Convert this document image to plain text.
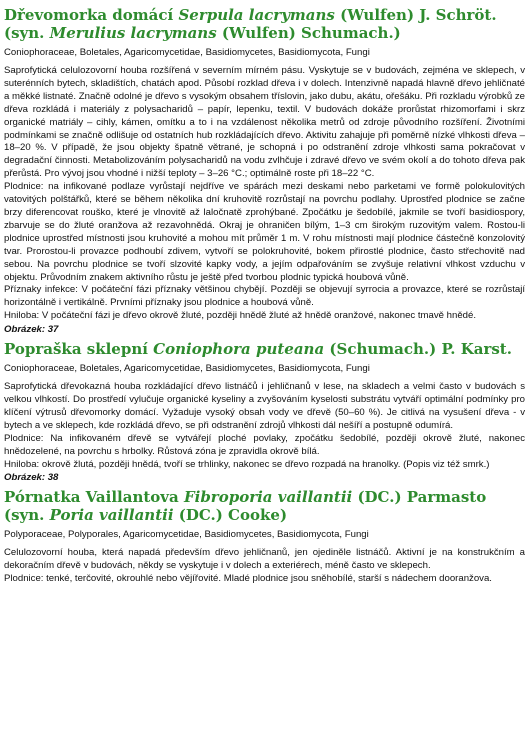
Dřevomorka domácí Serpula lacrymans (Wulfen) J. Schröt. (syn. Merulius lacrymans (Wulfen) Schumach.)

Coniophoraceae, Boletales, Agaricomycetidae, Basidiomycetes, Basidiomycota, Fungi

Saprofytická celulozovorní houba rozšířená v severním mírném pásu. Vyskytuje se v budovách, zejména ve sklepech, v suterénních bytech, skladištích, chatách apod. Působí rozklad dřeva i v dolech. Intenzivně napadá hlavně dřevo jehličnaté a měkké listnaté. Značně odolné je dřevo s vysokým obsahem tříslovin, jako dubu, akátu, ořešáku. Při rozkladu výrobků ze dřeva rozkládá i materiály z polysacharidů – papír, lepenku, textil. V budovách dokáže prorůstat rhizomorfami i skrz organické matriály – cihly, kámen, omítku a to i na vzdálenost několika metrů od zdroje původního rozšíření. Životními podmínkami se značně odlišuje od ostatních hub rozkládajících dřevo. Aktivitu zahajuje při poměrně nízké vlhkosti dřeva – 18–20 %. V případě, že jsou objekty špatně větrané, je schopná i po odstranění zdroje vlhkosti sama pokračovat v degradační činnosti. Metabolizováním polysacharidů na vodu zvlhčuje i zdravé dřevo ve svém okolí a do tohoto dřeva pak přerůstá. Pro vývoj jsou vhodné i nižší teploty – 3–26 °C.; optimálně roste při 18–22 °C.

Plodnice: na infikované podlaze vyrůstají nejdříve ve spárách mezi deskami nebo parketami ve formě polokulovitých vatovitých polštářků, které se během několika dní kruhovitě rozrůstají na povrchu podlahy. Uprostřed plodnice se začne brzy diferencovat rouško, které je vlnovitě až laločnatě zprohýbané. Zpočátku je šedobílé, jakmile se tvoří basidiospory, zbarvuje se do žluté oranžova až rezavohnědá. Okraj je ohraničen bílým, 1–3 cm širokým ruzovitým valem. Rostou-li plodnice uprostřed místnosti jsou kruhovité a mohou mít průměr 1 m. V rohu místnosti mají plodnice částečně konzolovitý tvar. Prorostou-li provazce podhoubí zdivem, vytvoří se polokruhovité, bokem přirostlé plodnice, často střechovitě nad sebou. Na povrchu plodnice se tvoří slzovité kapky vody, a jejím odpařováním se zvyšuje relativní vlhkost vzduchu v objektu. Průvodním znakem aktivního růstu je ještě před tvorbou plodnic typická houbová vůně.

Příznaky infekce: V počáteční fázi příznaky většinou chybějí. Později se objevují syrrocia a provazce, které se rozrůstají horizontálně i vertikálně. Prvními příznaky jsou plodnice a houbová vůně.

Hniloba: V počáteční fázi je dřevo okrově žluté, později hnědě žluté až hnědě oranžové, nakonec tmavě hnědé.

Obrázek: 37

Popraška sklepní Coniophora puteana (Schumach.) P. Karst.

Coniophoraceae, Boletales, Agaricomycetidae, Basidiomycetes, Basidiomycota, Fungi

Saprofytická dřevokazná houba rozkládající dřevo listnáčů i jehličnanů v lese, na skladech a velmi často v budovách s velkou vlhkostí. Do prostředí vylučuje organické kyseliny a zvyšováním kyselosti substrátu vytváří optimální podmínky pro klíčení výtrusů dřevomorky domácí. Vyžaduje vysoký obsah vody ve dřevě (50–60 %). Je citlivá na vysušení dřeva - v bytech a ve sklepech, kde rozkládá dřevo, se při odstranění zdrojů vlhkosti dál nešíří a postupně odumírá.

Plodnice: Na infikovaném dřevě se vytvářejí ploché povlaky, zpočátku šedobílé, později okrově žluté, nakonec hnědozelené, na povrchu s hrbolky. Růstová zóna je zpravidla okrově bílá.

Hniloba: okrově žlutá, později hnědá, tvoří se trhlinky, nakonec se dřevo rozpadá na hranolky. (Popis viz též smrk.)

Obrázek: 38

Pórnatka Vaillantova Fibroporia vaillantii (DC.) Parmasto (syn. Poria vaillantii (DC.) Cooke)

Polyporaceae, Polyporales, Agaricomycetidae, Basidiomycetes, Basidiomycota, Fungi

Celulozovorní houba, která napadá především dřevo jehličnanů, jen ojediněle listnáčů. Aktivní je na konstrukčním a dekoračním dřevě v budovách, někdy se vyskytuje i v dolech a exteriérech, méně často ve sklepech.

Plodnice: tenké, terčovité, okrouhlé nebo vějířovité. Mladé plodnice jsou sněhobílé, starší s nádechem dooranžova.
